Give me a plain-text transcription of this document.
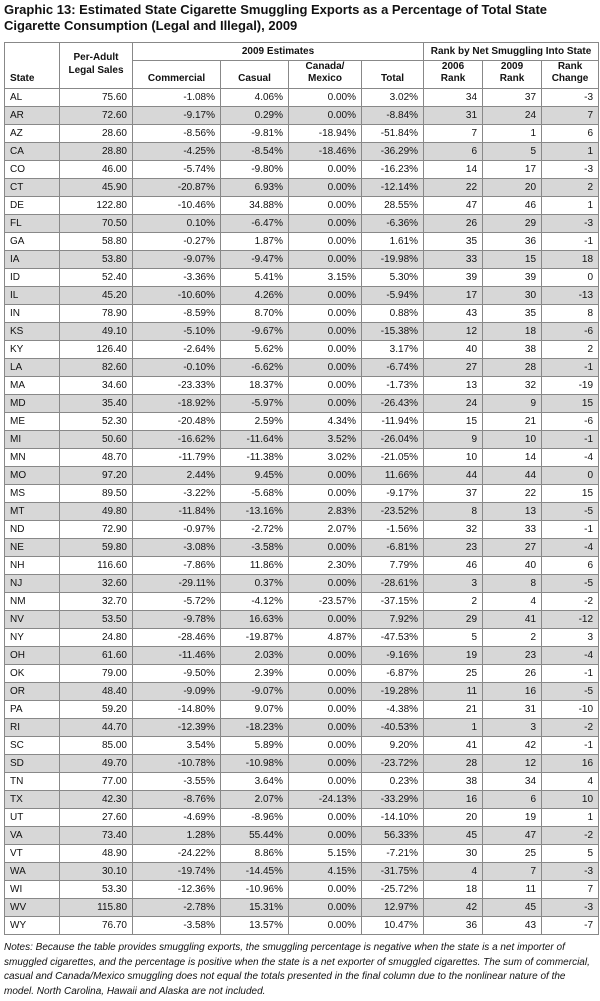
Graphic 13: Estimated State Cigarette Smuggling Exports as a Percentage of Total State Cigarette Consumption (Legal and Illegal), 2009
State	Per-Adult Legal Sales	2009 Estimates				Rank by Net Smuggling Into State		
		Commercial	Casual	Canada/ Mexico	Total	2006 Rank	2009 Rank	Rank Change
AL	75.60	-1.08%	4.06%	0.00%	3.02%	34	37	-3
AR	72.60	-9.17%	0.29%	0.00%	-8.84%	31	24	7
AZ	28.60	-8.56%	-9.81%	-18.94%	-51.84%	7	1	6
CA	28.80	-4.25%	-8.54%	-18.46%	-36.29%	6	5	1
CO	46.00	-5.74%	-9.80%	0.00%	-16.23%	14	17	-3
CT	45.90	-20.87%	6.93%	0.00%	-12.14%	22	20	2
DE	122.80	-10.46%	34.88%	0.00%	28.55%	47	46	1
FL	70.50	0.10%	-6.47%	0.00%	-6.36%	26	29	-3
GA	58.80	-0.27%	1.87%	0.00%	1.61%	35	36	-1
IA	53.80	-9.07%	-9.47%	0.00%	-19.98%	33	15	18
ID	52.40	-3.36%	5.41%	3.15%	5.30%	39	39	0
IL	45.20	-10.60%	4.26%	0.00%	-5.94%	17	30	-13
IN	78.90	-8.59%	8.70%	0.00%	0.88%	43	35	8
KS	49.10	-5.10%	-9.67%	0.00%	-15.38%	12	18	-6
KY	126.40	-2.64%	5.62%	0.00%	3.17%	40	38	2
LA	82.60	-0.10%	-6.62%	0.00%	-6.74%	27	28	-1
MA	34.60	-23.33%	18.37%	0.00%	-1.73%	13	32	-19
MD	35.40	-18.92%	-5.97%	0.00%	-26.43%	24	9	15
ME	52.30	-20.48%	2.59%	4.34%	-11.94%	15	21	-6
MI	50.60	-16.62%	-11.64%	3.52%	-26.04%	9	10	-1
MN	48.70	-11.79%	-11.38%	3.02%	-21.05%	10	14	-4
MO	97.20	2.44%	9.45%	0.00%	11.66%	44	44	0
MS	89.50	-3.22%	-5.68%	0.00%	-9.17%	37	22	15
MT	49.80	-11.84%	-13.16%	2.83%	-23.52%	8	13	-5
ND	72.90	-0.97%	-2.72%	2.07%	-1.56%	32	33	-1
NE	59.80	-3.08%	-3.58%	0.00%	-6.81%	23	27	-4
NH	116.60	-7.86%	11.86%	2.30%	7.79%	46	40	6
NJ	32.60	-29.11%	0.37%	0.00%	-28.61%	3	8	-5
NM	32.70	-5.72%	-4.12%	-23.57%	-37.15%	2	4	-2
NV	53.50	-9.78%	16.63%	0.00%	7.92%	29	41	-12
NY	24.80	-28.46%	-19.87%	4.87%	-47.53%	5	2	3
OH	61.60	-11.46%	2.03%	0.00%	-9.16%	19	23	-4
OK	79.00	-9.50%	2.39%	0.00%	-6.87%	25	26	-1
OR	48.40	-9.09%	-9.07%	0.00%	-19.28%	11	16	-5
PA	59.20	-14.80%	9.07%	0.00%	-4.38%	21	31	-10
RI	44.70	-12.39%	-18.23%	0.00%	-40.53%	1	3	-2
SC	85.00	3.54%	5.89%	0.00%	9.20%	41	42	-1
SD	49.70	-10.78%	-10.98%	0.00%	-23.72%	28	12	16
TN	77.00	-3.55%	3.64%	0.00%	0.23%	38	34	4
TX	42.30	-8.76%	2.07%	-24.13%	-33.29%	16	6	10
UT	27.60	-4.69%	-8.96%	0.00%	-14.10%	20	19	1
VA	73.40	1.28%	55.44%	0.00%	56.33%	45	47	-2
VT	48.90	-24.22%	8.86%	5.15%	-7.21%	30	25	5
WA	30.10	-19.74%	-14.45%	4.15%	-31.75%	4	7	-3
WI	53.30	-12.36%	-10.96%	0.00%	-25.72%	18	11	7
WV	115.80	-2.78%	15.31%	0.00%	12.97%	42	45	-3
WY	76.70	-3.58%	13.57%	0.00%	10.47%	36	43	-7
Notes: Because the table provides smuggling exports, the smuggling percentage is negative when the state is a net importer of smuggled cigarettes, and the percentage is positive when the state is a net exporter of smuggled cigarettes. The sum of commercial, casual and Canada/Mexico smuggling does not equal the totals presented in the final column due to the nonlinear nature of the model. North Carolina, Hawaii and Alaska are not included.
